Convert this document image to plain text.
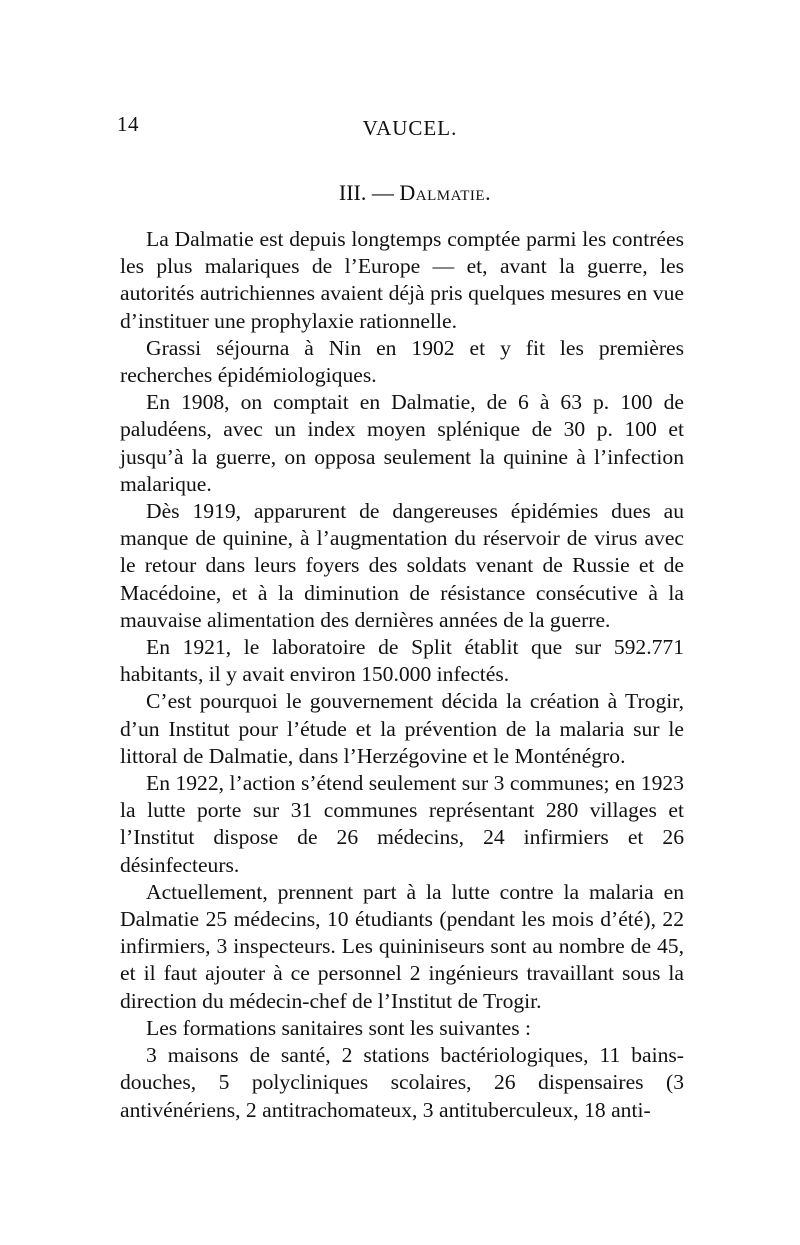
14	VAUCEL.
III. — Dalmatie.

La Dalmatie est depuis longtemps comptée parmi les contrées les plus malariques de l’Europe — et, avant la guerre, les autorités autrichiennes avaient déjà pris quelques mesures en vue d’instituer une prophylaxie rationnelle.

Grassi séjourna à Nin en 1902 et y fit les premières recherches épidémiologiques.

En 1908, on comptait en Dalmatie, de 6 à 63 p. 100 de paludéens, avec un index moyen splénique de 30 p. 100 et jusqu’à la guerre, on opposa seulement la quinine à l’infection malarique.

Dès 1919, apparurent de dangereuses épidémies dues au manque de quinine, à l’augmentation du réservoir de virus avec le retour dans leurs foyers des soldats venant de Russie et de Macédoine, et à la diminution de résistance consécutive à la mauvaise alimentation des dernières années de la guerre.

En 1921, le laboratoire de Split établit que sur 592.771 habitants, il y avait environ 150.000 infectés.

C’est pourquoi le gouvernement décida la création à Trogir, d’un Institut pour l’étude et la prévention de la malaria sur le littoral de Dalmatie, dans l’Herzégovine et le Monténégro.

En 1922, l’action s’étend seulement sur 3 communes; en 1923 la lutte porte sur 31 communes représentant 280 villages et l’Institut dispose de 26 médecins, 24 infirmiers et 26 désinfecteurs.

Actuellement, prennent part à la lutte contre la malaria en Dalmatie 25 médecins, 10 étudiants (pendant les mois d’été), 22 infirmiers, 3 inspecteurs. Les quininiseurs sont au nombre de 45, et il faut ajouter à ce personnel 2 ingénieurs travaillant sous la direction du médecin-chef de l’Institut de Trogir.

Les formations sanitaires sont les suivantes :

3 maisons de santé, 2 stations bactériologiques, 11 bains-douches, 5 polycliniques scolaires, 26 dispensaires (3 antivénériens, 2 antitrachomateux, 3 antituberculeux, 18 anti-
